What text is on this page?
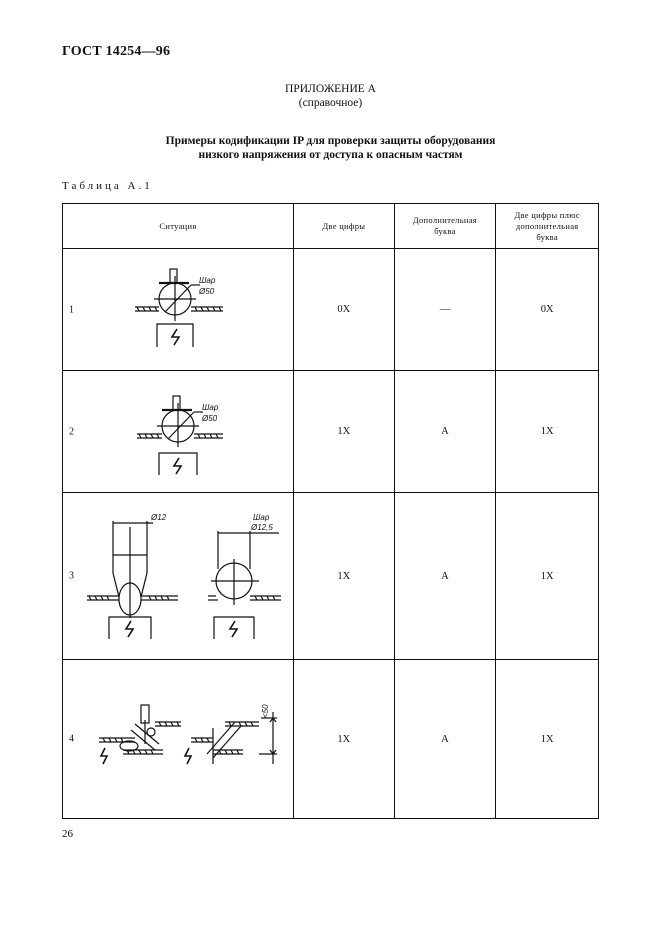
ГОСТ 14254—96
ПРИЛОЖЕНИЕ А
(справочное)
Примеры кодификации IP для проверки защиты оборудования
низкого напряжения от доступа к опасным частям
Таблица А.1
Ситуация	Две цифры	Дополнительная буква	Две цифры плюс дополнительная буква

1
Шар
Ø50	0X	—	0X

2
Шар
Ø50	1X	A	1X

3
Ø12 Шар
Ø12,5	1X	A	1X

4
<50	1X	A	1X
26
